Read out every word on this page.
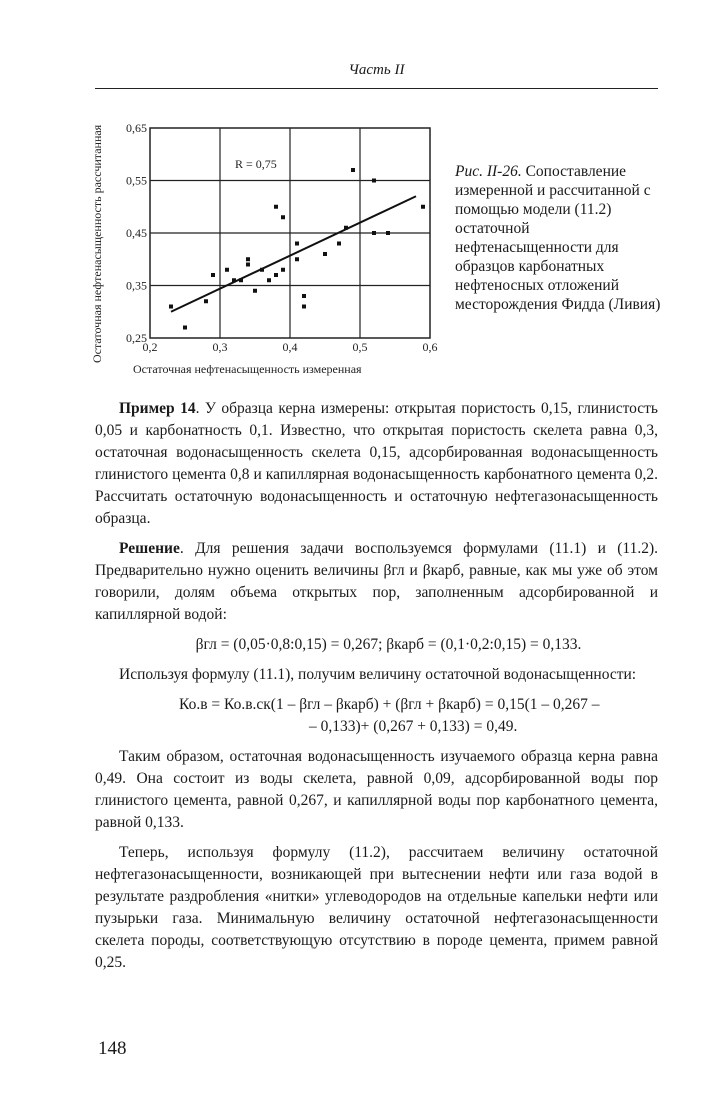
Часть II
0,2	0,3	0,4	0,5	0,6
0,25
0,35
0,45
0,55
0,65
R = 0,75
Остаточная нефтенасыщенность измеренная
Остаточная нефтенасыщенность рассчитанная	Рис. II-26. Сопоставление измеренной и рассчитанной с помощью модели (11.2) остаточной нефтенасыщенности для образцов карбонатных нефтеносных отложений месторождения Фидда (Ливия)

Пример 14. У образца керна измерены: открытая пористость 0,15, глинистость 0,05 и карбонатность 0,1. Известно, что открытая пористость скелета равна 0,3, остаточная водонасыщенность скелета 0,15, адсорбированная водонасыщенность глинистого цемента 0,8 и капиллярная водонасыщенность карбонатного цемента 0,2. Рассчитать остаточную водонасыщенность и остаточную нефтегазонасыщенность образца.

Решение. Для решения задачи воспользуемся формулами (11.1) и (11.2). Предварительно нужно оценить величины βгл и βкарб, равные, как мы уже об этом говорили, долям объема открытых пор, заполненным адсорбированной и капиллярной водой:

βгл = (0,05·0,8:0,15) = 0,267; βкарб = (0,1·0,2:0,15) = 0,133.

Используя формулу (11.1), получим величину остаточной водонасыщенности:

Ко.в = Ко.в.ск(1 – βгл – βкарб) + (βгл + βкарб) = 0,15(1 – 0,267 –

– 0,133)+ (0,267 + 0,133) = 0,49.

Таким образом, остаточная водонасыщенность изучаемого образца керна равна 0,49. Она состоит из воды скелета, равной 0,09, адсорбированной воды пор глинистого цемента, равной 0,267, и капиллярной воды пор карбонатного цемента, равной 0,133.

Теперь, используя формулу (11.2), рассчитаем величину остаточной нефтегазонасыщенности, возникающей при вытеснении нефти или газа водой в результате раздробления «нитки» углеводородов на отдельные капельки нефти или пузырьки газа. Минимальную величину остаточной нефтегазонасыщенности скелета породы, соответствующую отсутствию в породе цемента, примем равной 0,25.

148
